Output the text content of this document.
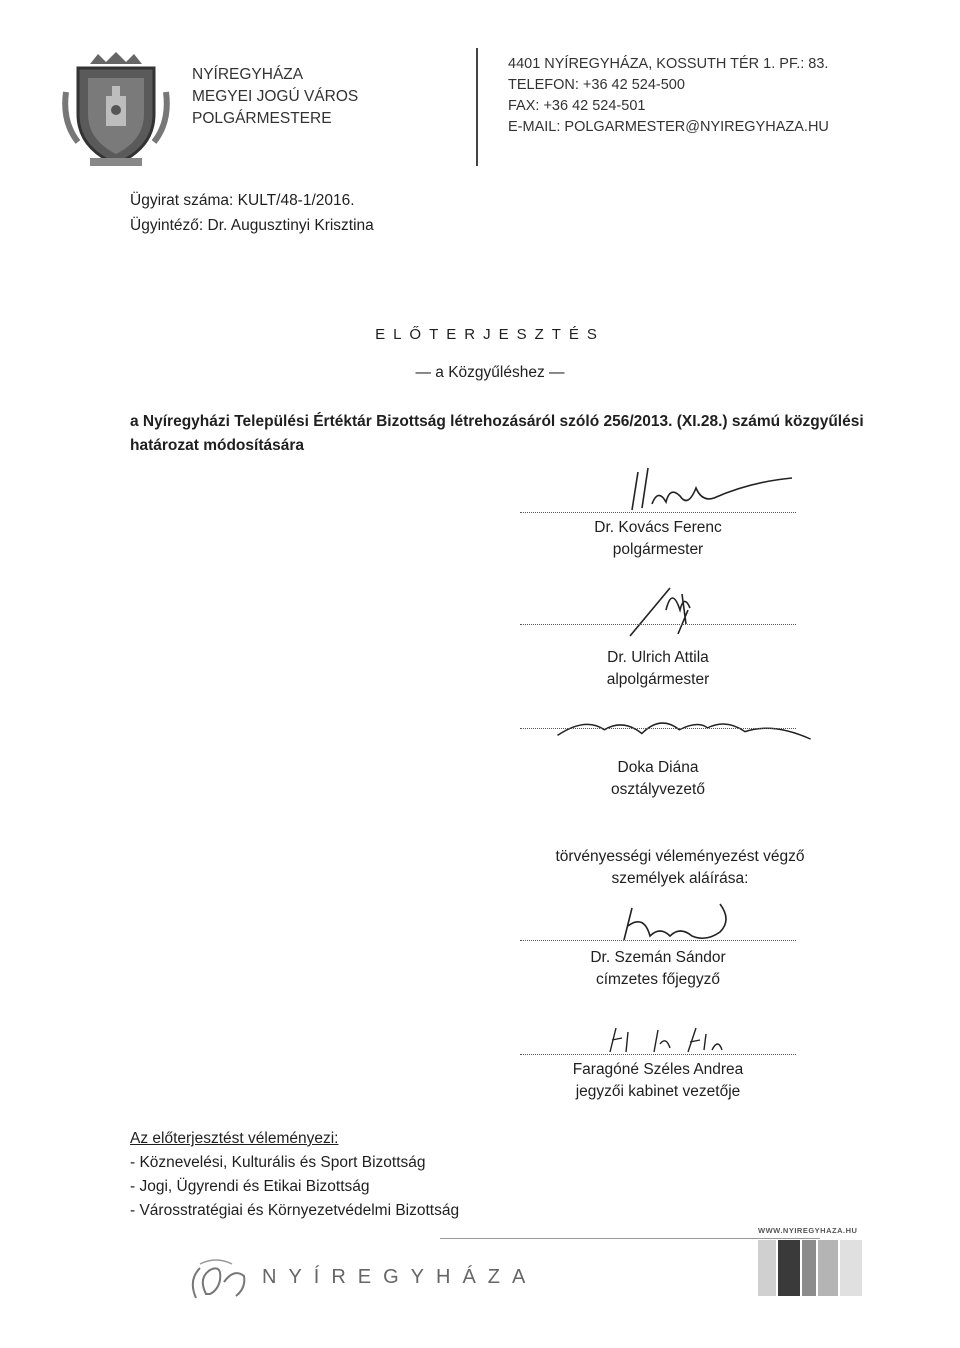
NYÍREGYHÁZA
MEGYEI JOGÚ VÁROS
POLGÁRMESTERE
4401 NYÍREGYHÁZA, KOSSUTH TÉR 1. PF.: 83.
TELEFON: +36 42 524-500
FAX: +36 42 524-501
E-MAIL: POLGARMESTER@NYIREGYHAZA.HU
Ügyirat száma: KULT/48-1/2016.
Ügyintéző: Dr. Augusztinyi Krisztina
ELŐTERJESZTÉS
— a Közgyűléshez —
a Nyíregyházi Települési Értéktár Bizottság létrehozásáról szóló 256/2013. (XI.28.) számú közgyűlési határozat módosítására
Dr. Kovács Ferenc
polgármester
Dr. Ulrich Attila
alpolgármester
Doka Diána
osztályvezető
törvényességi véleményezést végző személyek aláírása:
Dr. Szemán Sándor
címzetes főjegyző
Faragóné Széles Andrea
jegyzői kabinet vezetője
Az előterjesztést véleményezi:
- Köznevelési, Kulturális és Sport Bizottság
- Jogi, Ügyrendi és Etikai Bizottság
- Városstratégiai és Környezetvédelmi Bizottság
WWW.NYIREGYHAZA.HU
NYÍREGYHÁZA
